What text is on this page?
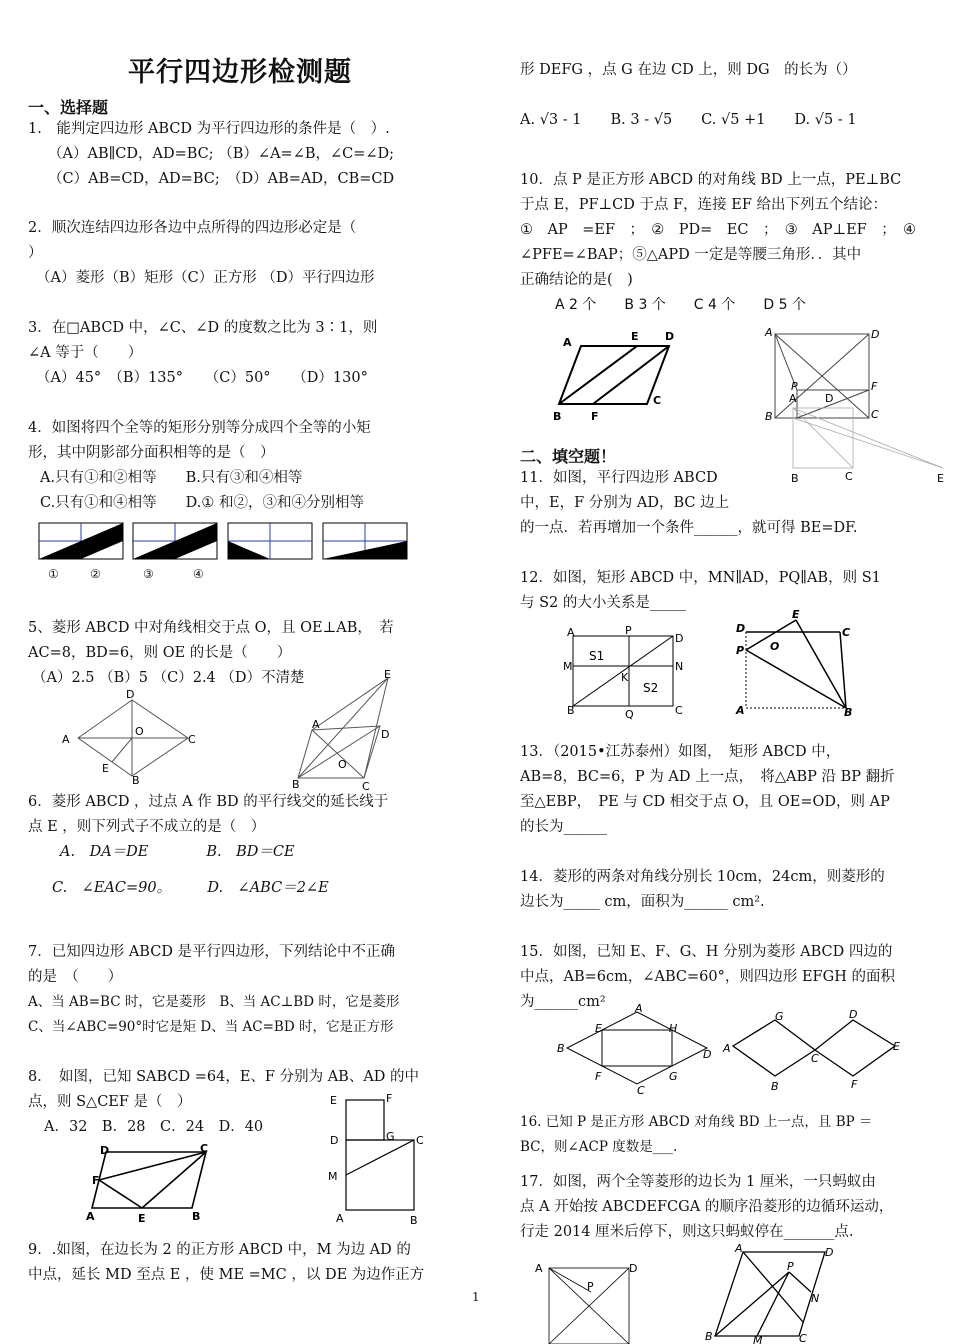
平行四边形检测题
一、选择题
1.　能判定四边形 ABCD 为平行四边形的条件是（　）.
（A）AB∥CD，AD=BC; （B）∠A=∠B，∠C=∠D;
（C）AB=CD，AD=BC;　（D）AB=AD，CB=CD
2．顺次连结四边形各边中点所得的四边形必定是（
）
（A）菱形（B）矩形（C）正方形 （D）平行四边形
3．在□ABCD 中，∠C、∠D 的度数之比为 3∶1，则
∠A 等于（　　）
（A）45°　（B）135°　　（C）50°　　（D）130°
4．如图将四个全等的矩形分别等分成四个全等的小矩
形，其中阴影部分面积相等的是（　）
A.只有①和②相等　　B.只有③和④相等
C.只有①和④相等　　D.① 和②，③和④分别相等
①	②	③	④
5、菱形 ABCD 中对角线相交于点 O，且 OE⊥AB，　若
AC=8，BD=6，则 OE 的长是（　　）
（A）2.5 （B）5 （C）2.4 （D）不清楚
A
D
C
B
O
E
E
A
D
B	C
O
6．菱形 ABCD ，过点 A 作 BD 的平行线交的延长线于
点 E ，则下列式子不成立的是（　）
A.　DA＝DE　　　　B.　BD＝CE
C.　∠EAC=90。　　　D.　∠ABC＝2∠E
7．已知四边形 ABCD 是平行四边形，下列结论中不正确
的是　（　　）
A、当 AB=BC 时，它是菱形　B、当 AC⊥BD 时，它是菱形
C、当∠ABC=90°时它是矩 D、当 AC=BD 时，它是正方形
8．　如图，已知 SABCD =64，E、F 分别为 AB、AD 的中
点，则 S△CEF 是（　）
A．32　B．28　C．24　D．40
D	C
F
A	E	B
E	F
D	G C
M
A	B
9．.如图，在边长为 2 的正方形 ABCD 中，M 为边 AD 的
中点，延长 MD 至点 E ，使 ME =MC ，以 DE 为边作正方
形 DEFG ，点 G 在边 CD 上，则 DG　的长为（）
A. √3 - 1　　B. 3 - √5　　C. √5 +1　　D. √5 - 1
10．点 P 是正方形 ABCD 的对角线 BD 上一点，PE⊥BC
于点 E，PF⊥CD 于点 F，连接 EF 给出下列五个结论：
①　AP　=EF　；　②　PD=　EC　；　③　AP⊥EF　；　④
∠PFE=∠BAP；⑤△APD 一定是等腰三角形．．其中
正确结论的是(　)
A 2 个　　B 3 个　　C 4 个　　D 5 个
A	E D
B	F
C
A	D
P	F
B	C
A	D
B	C	E
二、填空题！
11．如图，平行四边形 ABCD
中，E，F 分别为 AD，BC 边上
的一点．若再增加一个条件______，就可得 BE=DF.
12．如图，矩形 ABCD 中，MN∥AD，PQ∥AB，则 S1
与 S2 的大小关系是_____
A	P
D
M	N
K
B	Q	C
S1
S2
D
E
C
P O
A	B
13．（2015•江苏泰州）如图，　矩形 ABCD 中，
AB=8，BC=6，P 为 AD 上一点，　将△ABP 沿 BP 翻折
至△EBP，　PE 与 CD 相交于点 O，且 OE=OD，则 AP
的长为______
14．菱形的两条对角线分别长 10cm，24cm，则菱形的
边长为_____ cm，面积为______ cm².
15．如图，已知 E、F、G、H 分别为菱形 ABCD 四边的
中点，AB=6cm，∠ABC=60°，则四边形 EFGH 的面积
为______cm²	A
B	D
C
E	H
F	G
A
G
C
B
D
E
F
16. 已知 P 是正方形 ABCD 对角线 BD 上一点，且 BP ＝
BC，则∠ACP 度数是___.
17．如图，两个全等菱形的边长为 1 厘米，一只蚂蚁由
点 A 开始按 ABCDEFCGA 的顺序沿菱形的边循环运动，
行走 2014 厘米后停下，则这只蚂蚁停在_______点.
A	D
P
A	D
P
N
B	M	C
1
